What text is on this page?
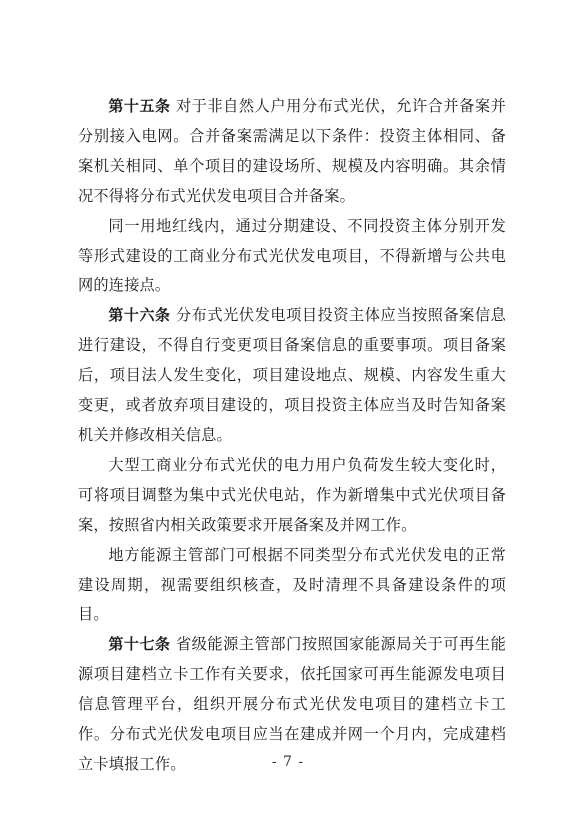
第十五条 对于非自然人户用分布式光伏，允许合并备案并分别接入电网。合并备案需满足以下条件：投资主体相同、备案机关相同、单个项目的建设场所、规模及内容明确。其余情况不得将分布式光伏发电项目合并备案。

同一用地红线内，通过分期建设、不同投资主体分别开发等形式建设的工商业分布式光伏发电项目，不得新增与公共电网的连接点。

第十六条 分布式光伏发电项目投资主体应当按照备案信息进行建设，不得自行变更项目备案信息的重要事项。项目备案后，项目法人发生变化，项目建设地点、规模、内容发生重大变更，或者放弃项目建设的，项目投资主体应当及时告知备案机关并修改相关信息。

大型工商业分布式光伏的电力用户负荷发生较大变化时，可将项目调整为集中式光伏电站，作为新增集中式光伏项目备案，按照省内相关政策要求开展备案及并网工作。

地方能源主管部门可根据不同类型分布式光伏发电的正常建设周期，视需要组织核查，及时清理不具备建设条件的项目。

第十七条 省级能源主管部门按照国家能源局关于可再生能源项目建档立卡工作有关要求，依托国家可再生能源发电项目信息管理平台，组织开展分布式光伏发电项目的建档立卡工作。分布式光伏发电项目应当在建成并网一个月内，完成建档立卡填报工作。	- 7 -
